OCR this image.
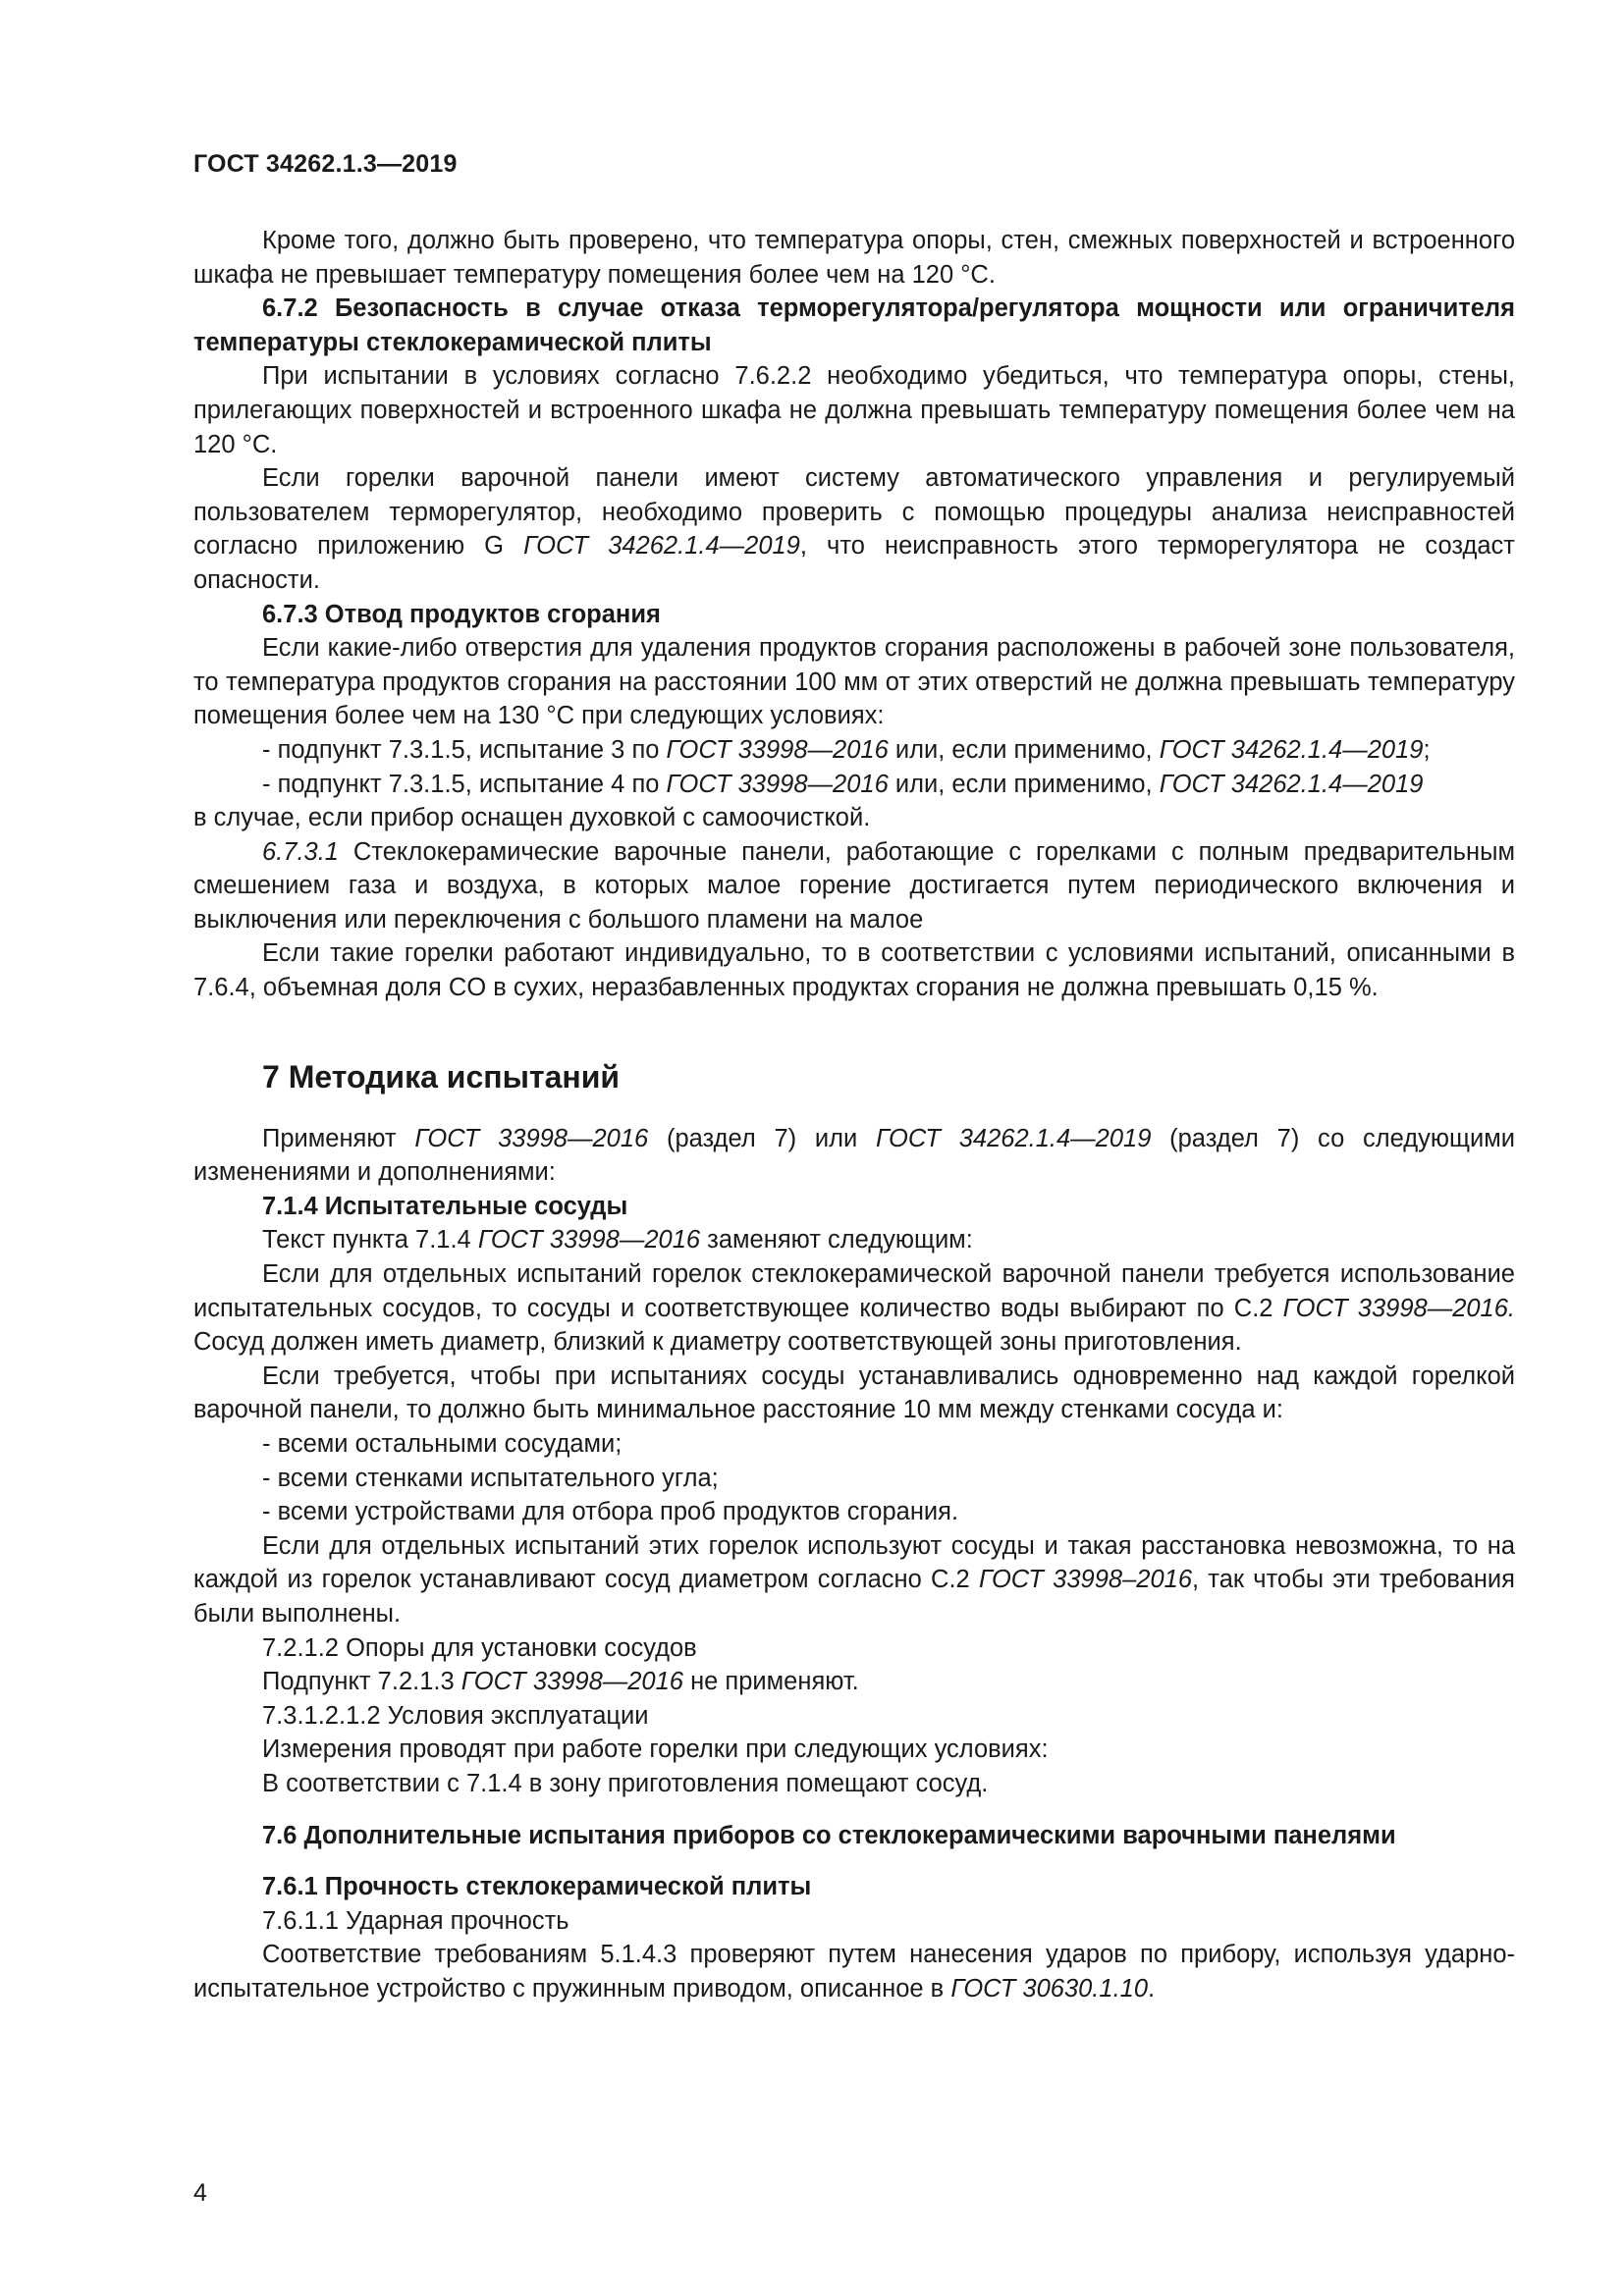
ГОСТ 34262.1.3—2019

Кроме того, должно быть проверено, что температура опоры, стен, смежных поверхностей и встроенного шкафа не превышает температуру помещения более чем на 120 °C.

6.7.2 Безопасность в случае отказа терморегулятора/регулятора мощности или ограничителя температуры стеклокерамической плиты

При испытании в условиях согласно 7.6.2.2 необходимо убедиться, что температура опоры, стены, прилегающих поверхностей и встроенного шкафа не должна превышать температуру помещения более чем на 120 °C.

Если горелки варочной панели имеют систему автоматического управления и регулируемый пользователем терморегулятор, необходимо проверить с помощью процедуры анализа неисправностей согласно приложению G ГОСТ 34262.1.4—2019, что неисправность этого терморегулятора не создаст опасности.

6.7.3 Отвод продуктов сгорания

Если какие-либо отверстия для удаления продуктов сгорания расположены в рабочей зоне пользователя, то температура продуктов сгорания на расстоянии 100 мм от этих отверстий не должна превышать температуру помещения более чем на 130 °C при следующих условиях:

- подпункт 7.3.1.5, испытание 3 по ГОСТ 33998—2016 или, если применимо, ГОСТ 34262.1.4—2019;

- подпункт 7.3.1.5, испытание 4 по ГОСТ 33998—2016 или, если применимо, ГОСТ 34262.1.4—2019

в случае, если прибор оснащен духовкой с самоочисткой.

6.7.3.1 Стеклокерамические варочные панели, работающие с горелками с полным предварительным смешением газа и воздуха, в которых малое горение достигается путем периодического включения и выключения или переключения с большого пламени на малое

Если такие горелки работают индивидуально, то в соответствии с условиями испытаний, описанными в 7.6.4, объемная доля CO в сухих, неразбавленных продуктах сгорания не должна превышать 0,15 %.

7 Методика испытаний

Применяют ГОСТ 33998—2016 (раздел 7) или ГОСТ 34262.1.4—2019 (раздел 7) со следующими изменениями и дополнениями:

7.1.4 Испытательные сосуды

Текст пункта 7.1.4 ГОСТ 33998—2016 заменяют следующим:

Если для отдельных испытаний горелок стеклокерамической варочной панели требуется использование испытательных сосудов, то сосуды и соответствующее количество воды выбирают по С.2 ГОСТ 33998—2016. Сосуд должен иметь диаметр, близкий к диаметру соответствующей зоны приготовления.

Если требуется, чтобы при испытаниях сосуды устанавливались одновременно над каждой горелкой варочной панели, то должно быть минимальное расстояние 10 мм между стенками сосуда и:

- всеми остальными сосудами;

- всеми стенками испытательного угла;

- всеми устройствами для отбора проб продуктов сгорания.

Если для отдельных испытаний этих горелок используют сосуды и такая расстановка невозможна, то на каждой из горелок устанавливают сосуд диаметром согласно С.2 ГОСТ 33998–2016, так чтобы эти требования были выполнены.

7.2.1.2 Опоры для установки сосудов

Подпункт 7.2.1.3 ГОСТ 33998—2016 не применяют.

7.3.1.2.1.2 Условия эксплуатации

Измерения проводят при работе горелки при следующих условиях:

В соответствии с 7.1.4 в зону приготовления помещают сосуд.

7.6 Дополнительные испытания приборов со стеклокерамическими варочными панелями

7.6.1 Прочность стеклокерамической плиты

7.6.1.1 Ударная прочность

Соответствие требованиям 5.1.4.3 проверяют путем нанесения ударов по прибору, используя ударно-испытательное устройство с пружинным приводом, описанное в ГОСТ 30630.1.10.

4
